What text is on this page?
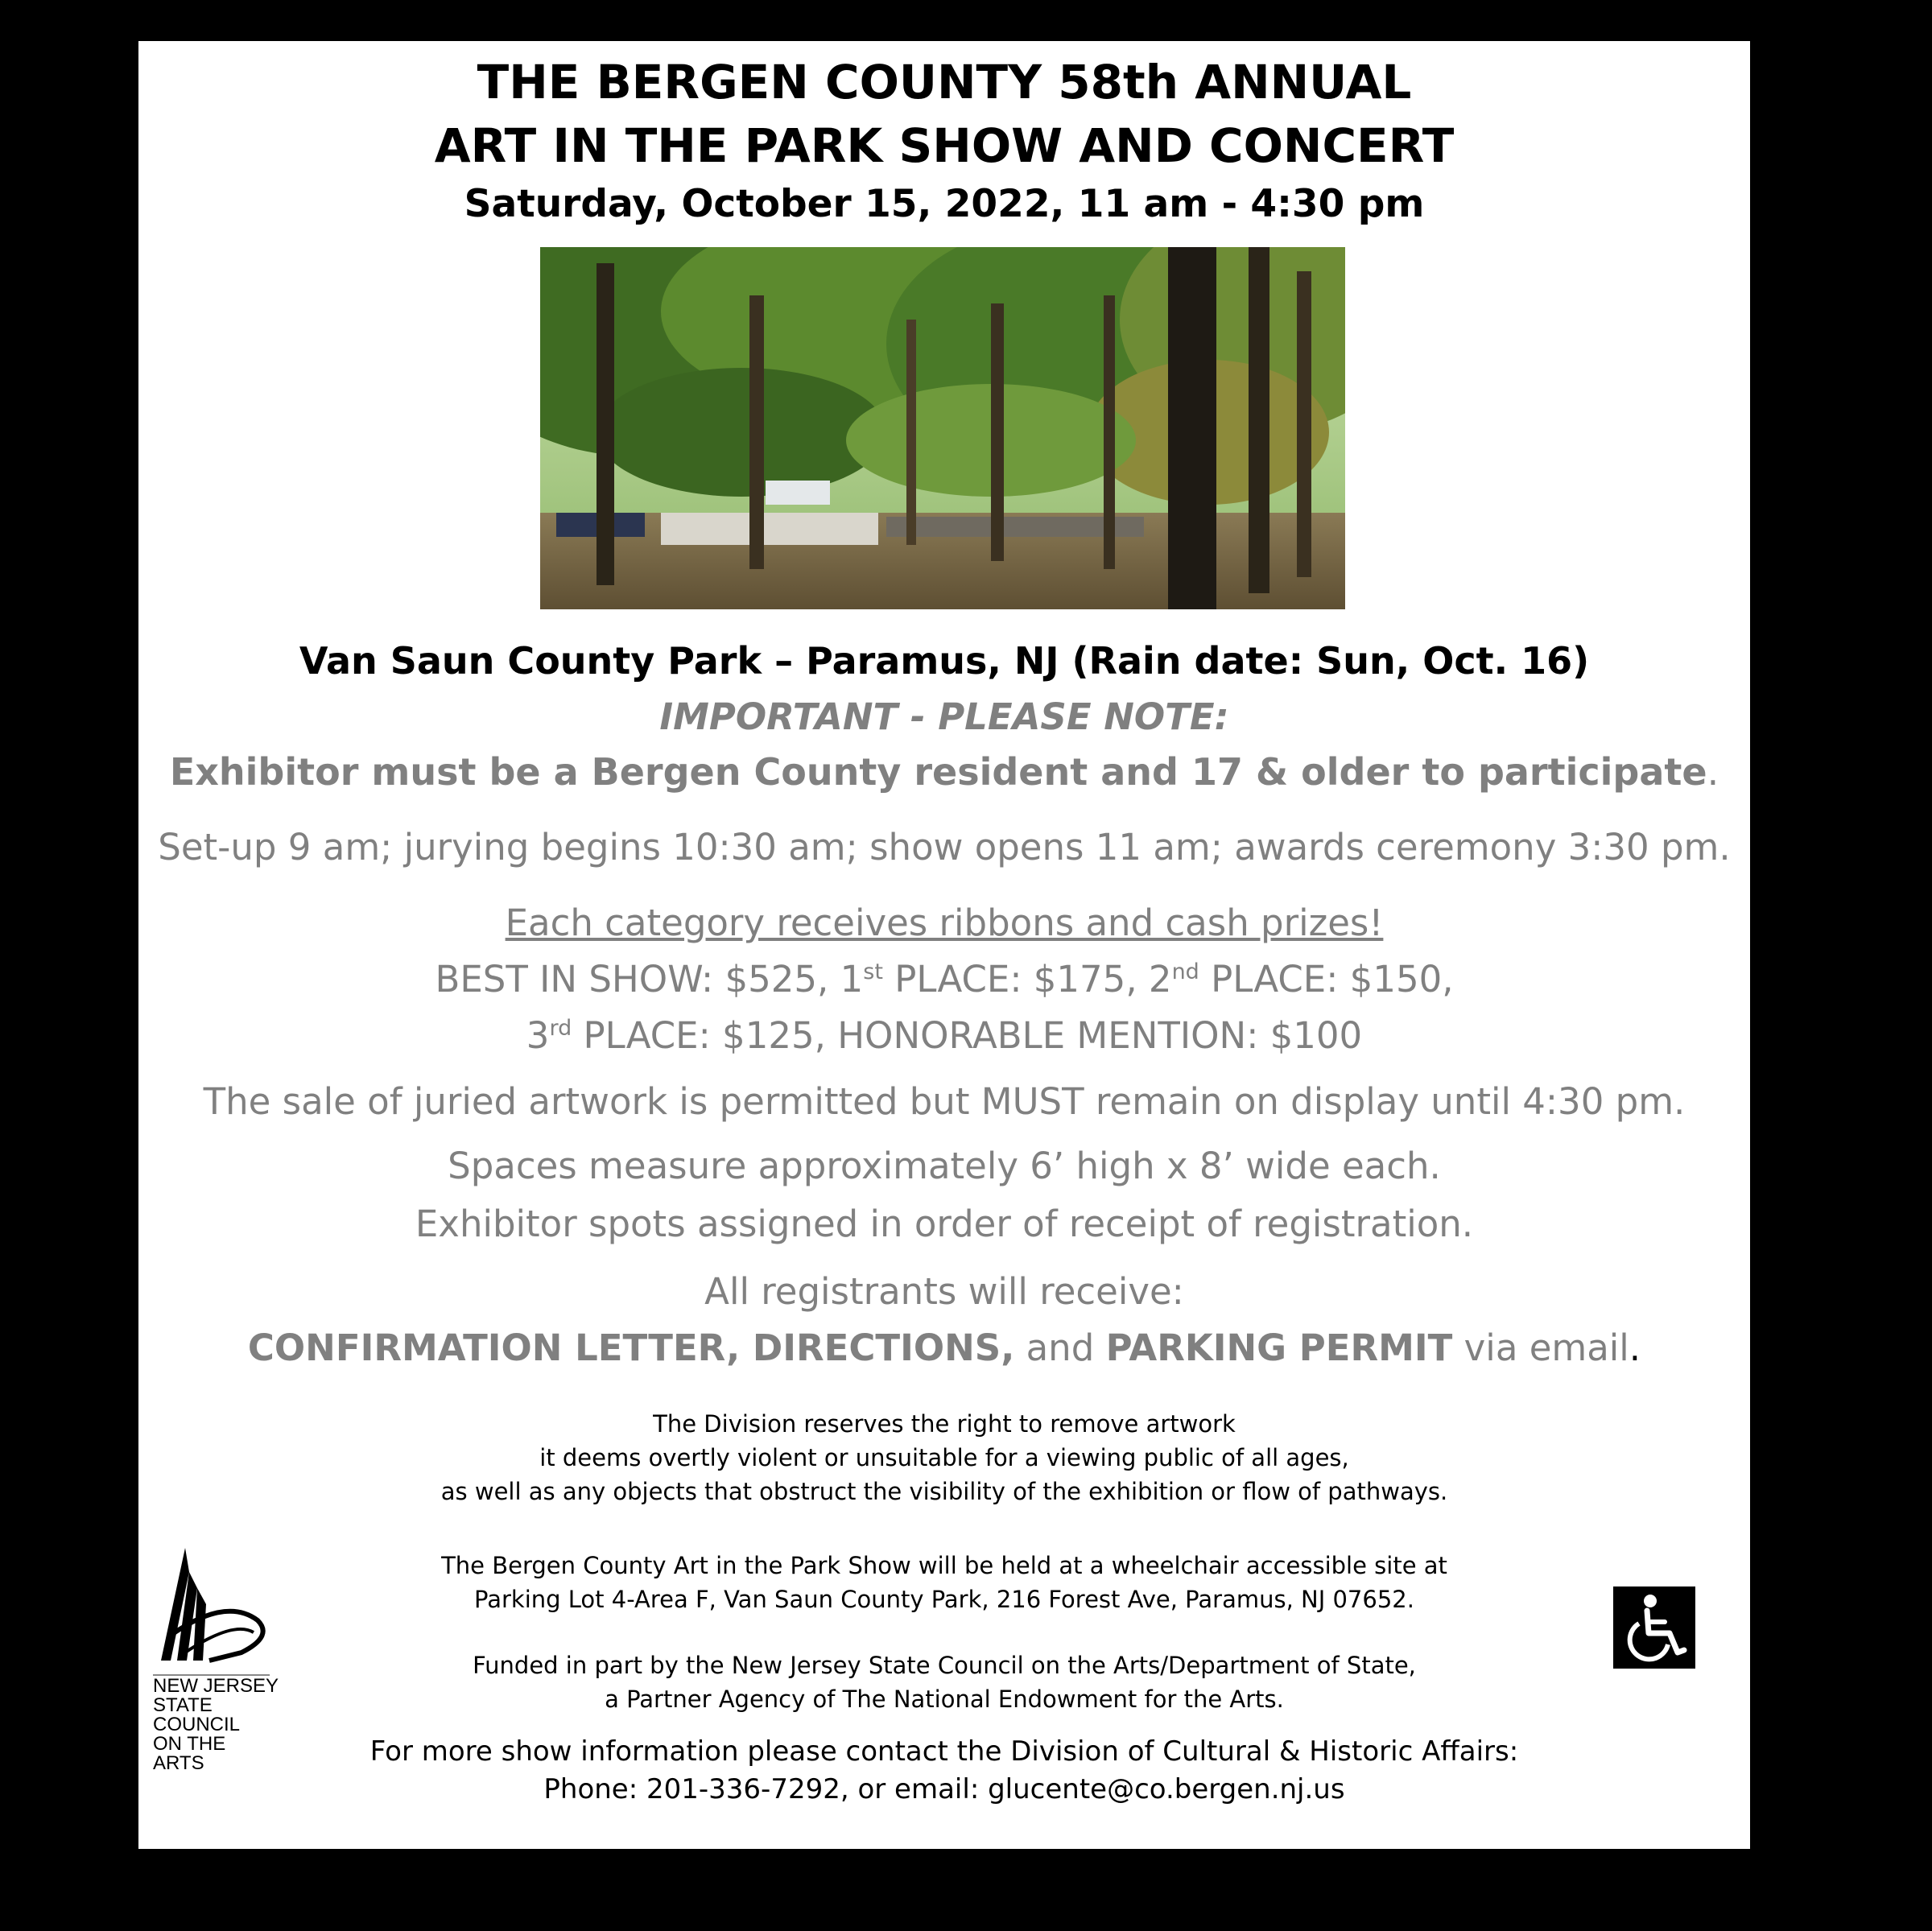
THE BERGEN COUNTY 58th ANNUAL
ART IN THE PARK SHOW AND CONCERT
Saturday, October 15, 2022, 11 am - 4:30 pm
Van Saun County Park – Paramus, NJ (Rain date: Sun, Oct. 16)
IMPORTANT - PLEASE NOTE:
Exhibitor must be a Bergen County resident and 17 & older to participate.
Set-up 9 am; jurying begins 10:30 am; show opens 11 am; awards ceremony 3:30 pm.
Each category receives ribbons and cash prizes!
BEST IN SHOW: $525, 1st PLACE: $175, 2nd PLACE: $150,
3rd PLACE: $125, HONORABLE MENTION: $100
The sale of juried artwork is permitted but MUST remain on display until 4:30 pm.
Spaces measure approximately 6’ high x 8’ wide each.
Exhibitor spots assigned in order of receipt of registration.
All registrants will receive:
CONFIRMATION LETTER, DIRECTIONS, and PARKING PERMIT via email.
The Division reserves the right to remove artwork
it deems overtly violent or unsuitable for a viewing public of all ages,
as well as any objects that obstruct the visibility of the exhibition or flow of pathways.
The Bergen County Art in the Park Show will be held at a wheelchair accessible site at
Parking Lot 4-Area F, Van Saun County Park, 216 Forest Ave, Paramus, NJ 07652.
Funded in part by the New Jersey State Council on the Arts/Department of State,
a Partner Agency of The National Endowment for the Arts.
For more show information please contact the Division of Cultural & Historic Affairs:
Phone: 201-336-7292, or email: glucente@co.bergen.nj.us
NEW JERSEY
STATE
COUNCIL
ON THE
ARTS
